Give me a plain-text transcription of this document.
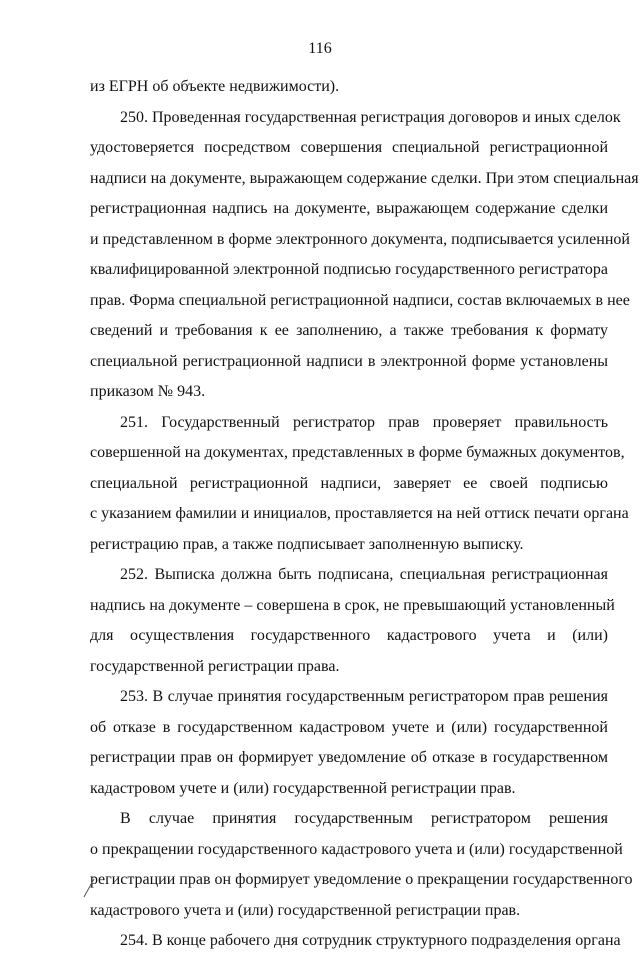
116
из ЕГРН об объекте недвижимости).
250. Проведенная государственная регистрация договоров и иных сделок
удостоверяется посредством совершения специальной регистрационной
надписи на документе, выражающем содержание сделки. При этом специальная
регистрационная надпись на документе, выражающем содержание сделки
и представленном в форме электронного документа, подписывается усиленной
квалифицированной электронной подписью государственного регистратора
прав. Форма специальной регистрационной надписи, состав включаемых в нее
сведений и требования к ее заполнению, а также требования к формату
специальной регистрационной надписи в электронной форме установлены
приказом № 943.
251. Государственный регистратор прав проверяет правильность
совершенной на документах, представленных в форме бумажных документов,
специальной регистрационной надписи, заверяет ее своей подписью
с указанием фамилии и инициалов, проставляется на ней оттиск печати органа
регистрацию прав, а также подписывает заполненную выписку.
252. Выписка должна быть подписана, специальная регистрационная
надпись на документе – совершена в срок, не превышающий установленный
для осуществления государственного кадастрового учета и (или)
государственной регистрации права.
253. В случае принятия государственным регистратором прав решения
об отказе в государственном кадастровом учете и (или) государственной
регистрации прав он формирует уведомление об отказе в государственном
кадастровом учете и (или) государственной регистрации прав.
В случае принятия государственным регистратором решения
о прекращении государственного кадастрового учета и (или) государственной
регистрации прав он формирует уведомление о прекращении государственного
кадастрового учета и (или) государственной регистрации прав.
254. В конце рабочего дня сотрудник структурного подразделения органа
